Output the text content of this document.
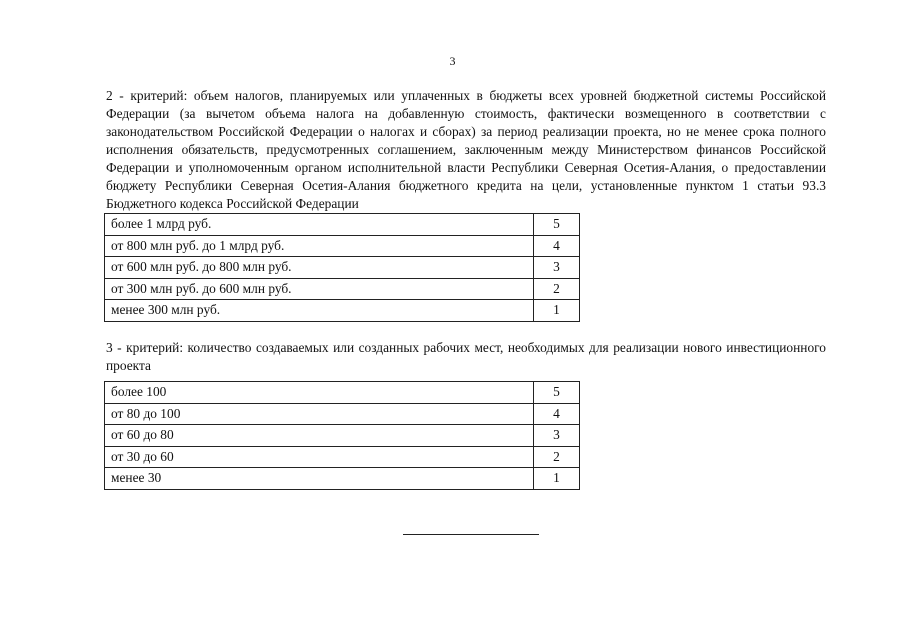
3

2 - критерий: объем налогов, планируемых или уплаченных в бюджеты всех уровней бюджетной системы Российской Федерации (за вычетом объема налога на добавленную стоимость, фактически возмещенного в соответствии с законодательством Российской Федерации о налогах и сборах) за период реализации проекта, но не менее срока полного исполнения обязательств, предусмотренных соглашением, заключенным между Министерством финансов Российской Федерации и уполномоченным органом исполнительной власти Республики Северная Осетия-Алания, о предоставлении бюджету Республики Северная Осетия-Алания бюджетного кредита на цели, установленные пунктом 1 статьи 93.3 Бюджетного кодекса Российской Федерации

более 1 млрд руб.	5
от 800 млн руб. до 1 млрд руб.	4
от 600 млн руб. до 800 млн руб.	3
от 300 млн руб. до 600 млн руб.	2
менее 300 млн руб.	1

3 - критерий: количество создаваемых или созданных рабочих мест, необходимых для реализации нового инвестиционного проекта

более 100	5
от 80 до 100	4
от 60 до 80	3
от 30 до 60	2
менее 30	1
